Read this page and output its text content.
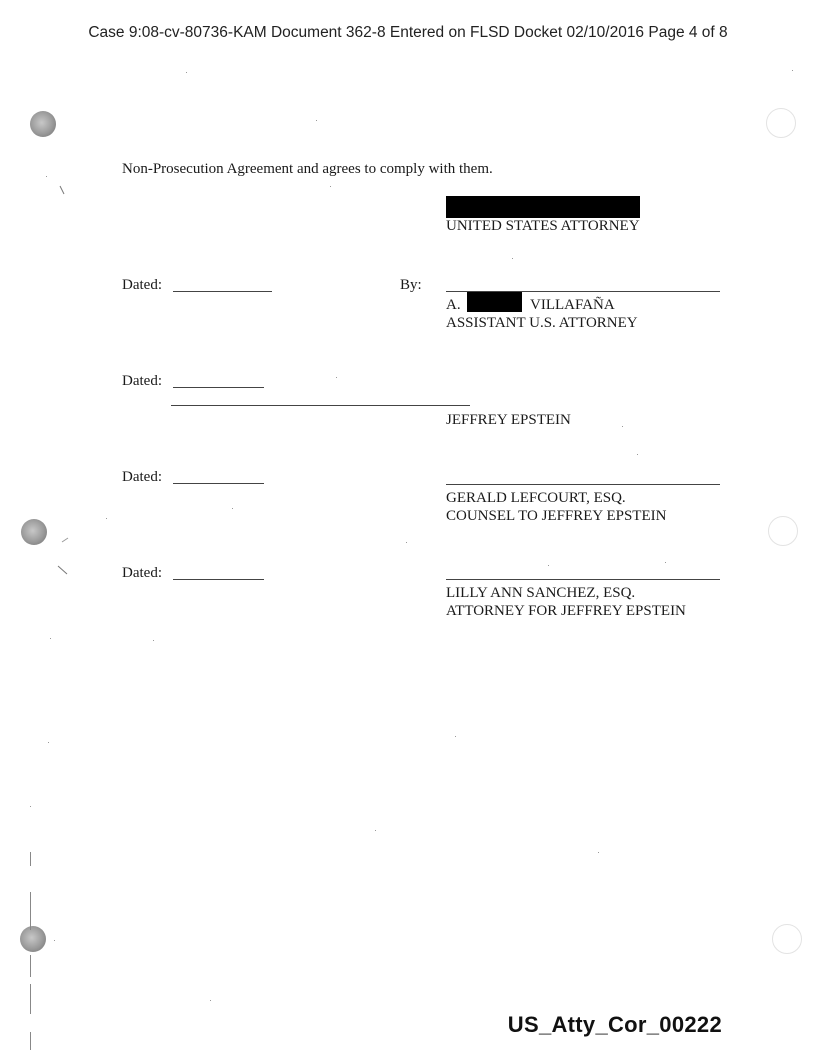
Case 9:08-cv-80736-KAM Document 362-8 Entered on FLSD Docket 02/10/2016 Page 4 of 8
Non-Prosecution Agreement and agrees to comply with them.
UNITED STATES ATTORNEY
Dated:	By:
A.	VILLAFAÑA
ASSISTANT U.S. ATTORNEY
Dated:
JEFFREY EPSTEIN
Dated:
GERALD LEFCOURT, ESQ.
COUNSEL TO JEFFREY EPSTEIN
Dated:
LILLY ANN SANCHEZ, ESQ.
ATTORNEY FOR JEFFREY EPSTEIN
US_Atty_Cor_00222
